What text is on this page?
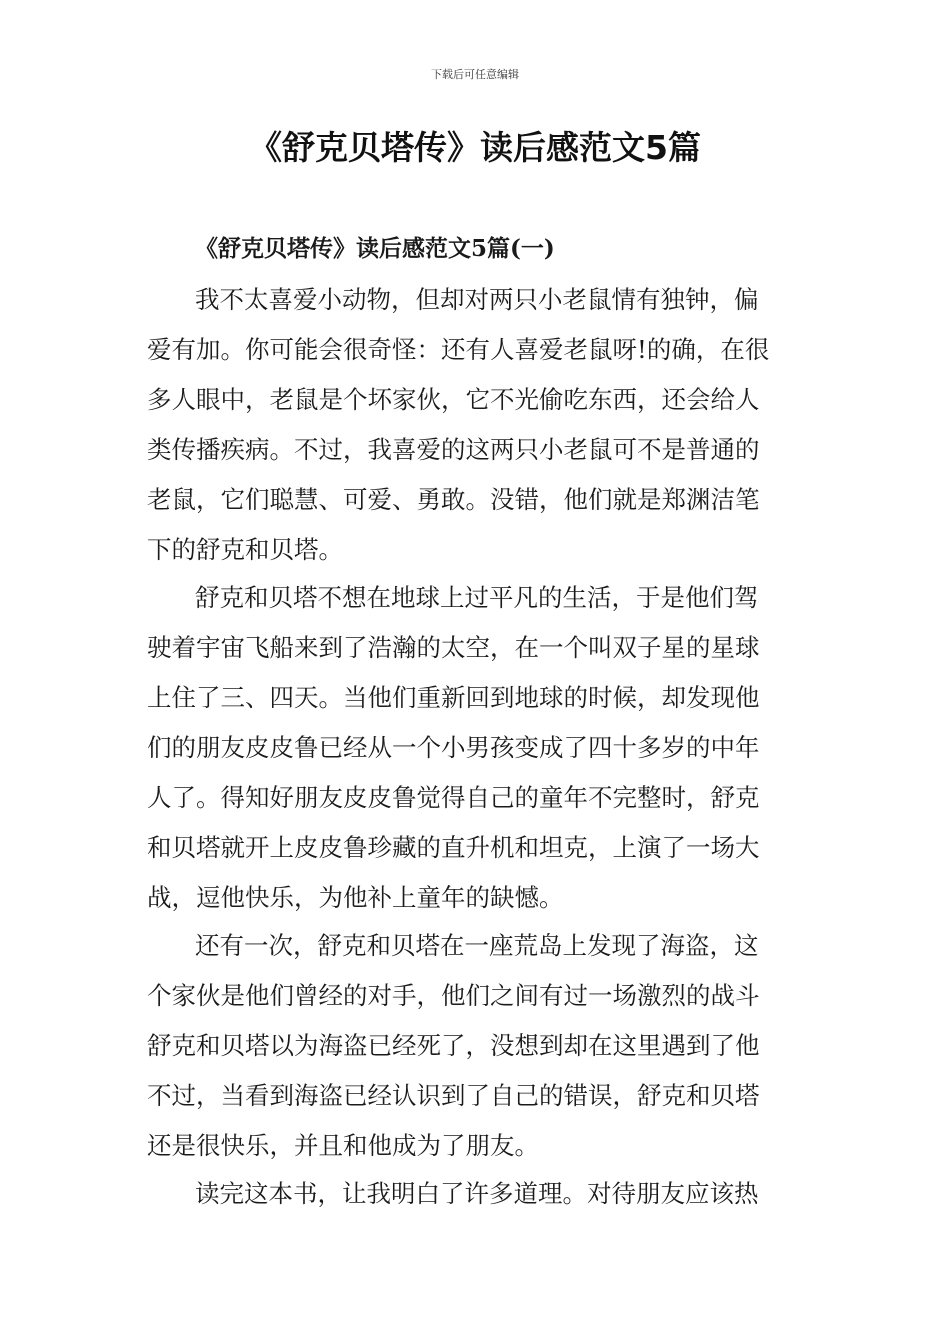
下载后可任意编辑
《舒克贝塔传》读后感范文5篇
《舒克贝塔传》读后感范文5篇(一)
我不太喜爱小动物，但却对两只小老鼠情有独钟，偏
爱有加。你可能会很奇怪：还有人喜爱老鼠呀!的确，在很
多人眼中，老鼠是个坏家伙，它不光偷吃东西，还会给人
类传播疾病。不过，我喜爱的这两只小老鼠可不是普通的
老鼠，它们聪慧、可爱、勇敢。没错，他们就是郑渊洁笔
下的舒克和贝塔。
舒克和贝塔不想在地球上过平凡的生活，于是他们驾
驶着宇宙飞船来到了浩瀚的太空，在一个叫双子星的星球
上住了三、四天。当他们重新回到地球的时候，却发现他
们的朋友皮皮鲁已经从一个小男孩变成了四十多岁的中年
人了。得知好朋友皮皮鲁觉得自己的童年不完整时，舒克
和贝塔就开上皮皮鲁珍藏的直升机和坦克，上演了一场大
战，逗他快乐，为他补上童年的缺憾。
还有一次，舒克和贝塔在一座荒岛上发现了海盗，这
个家伙是他们曾经的对手，他们之间有过一场激烈的战斗
舒克和贝塔以为海盗已经死了，没想到却在这里遇到了他
不过，当看到海盗已经认识到了自己的错误，舒克和贝塔
还是很快乐，并且和他成为了朋友。
读完这本书，让我明白了许多道理。对待朋友应该热
